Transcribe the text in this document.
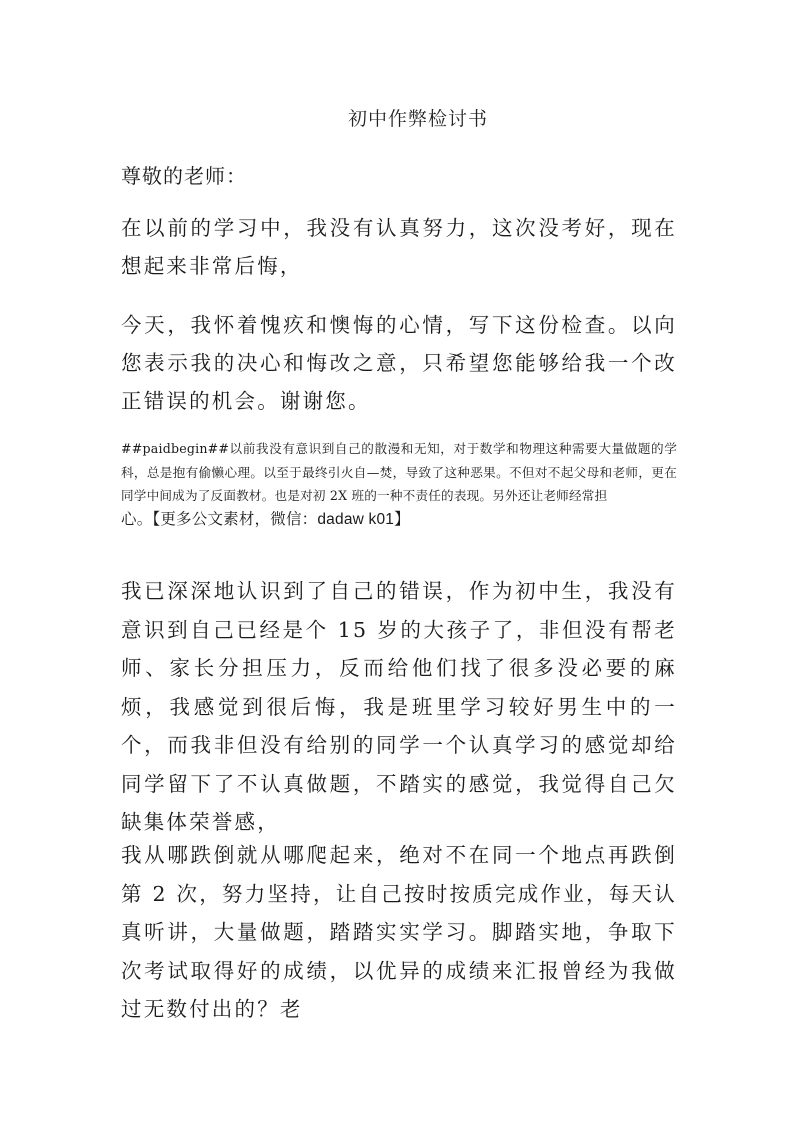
初中作弊检讨书
尊敬的老师：

在以前的学习中，我没有认真努力，这次没考好，现在想起来非常后悔，

今天，我怀着愧疚和懊悔的心情，写下这份检查。以向您表示我的决心和悔改之意，只希望您能够给我一个改正错误的机会。谢谢您。

##paidbegin##以前我没有意识到自己的散漫和无知，对于数学和物理这种需要大量做题的学科，总是抱有偷懒心理。以至于最终引火自—焚，导致了这种恶果。不但对不起父母和老师，更在同学中间成为了反面教材。也是对初 2X 班的一种不责任的表现。另外还让老师经常担
心。【更多公文素材，微信：dadaw k01】

我已深深地认识到了自己的错误，作为初中生，我没有意识到自己已经是个 15 岁的大孩子了，非但没有帮老师、家长分担压力，反而给他们找了很多没必要的麻烦，我感觉到很后悔，我是班里学习较好男生中的一个，而我非但没有给别的同学一个认真学习的感觉却给同学留下了不认真做题，不踏实的感觉，我觉得自己欠缺集体荣誉感，

我从哪跌倒就从哪爬起来，绝对不在同一个地点再跌倒第 2 次，努力坚持，让自己按时按质完成作业，每天认真听讲，大量做题，踏踏实实学习。脚踏实地，争取下次考试取得好的成绩，以优异的成绩来汇报曾经为我做过无数付出的？老
